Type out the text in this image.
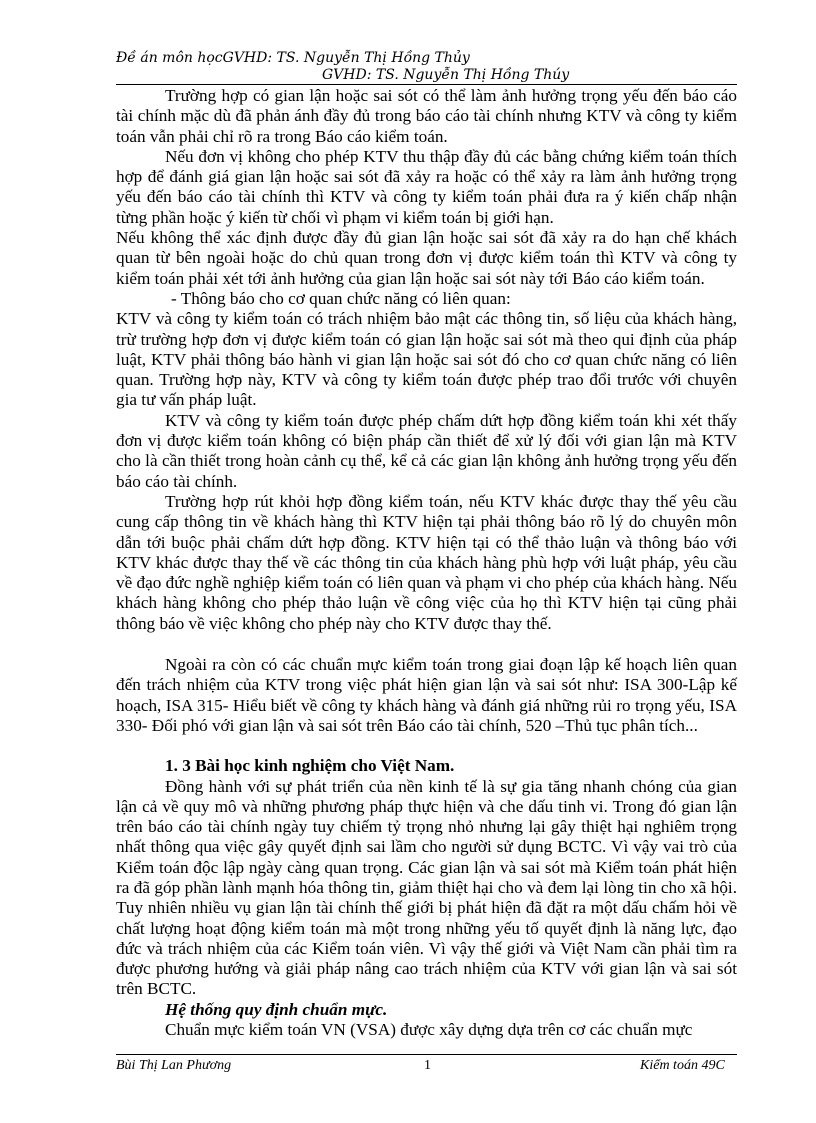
Đề án môn họcGVHD: TS. Nguyễn Thị Hồng Thủy
GVHD: TS. Nguyễn Thị Hồng Thúy

Trường hợp có gian lận hoặc sai sót có thể làm ảnh hưởng trọng yếu đến báo cáo tài chính mặc dù đã phản ánh đầy đủ trong báo cáo tài chính nhưng KTV và công ty kiểm toán vẫn phải chỉ rõ ra trong Báo cáo kiểm toán.

Nếu đơn vị không cho phép KTV thu thập đầy đủ các bằng chứng kiểm toán thích hợp để đánh giá gian lận hoặc sai sót đã xảy ra hoặc có thể xảy ra làm ảnh hưởng trọng yếu đến báo cáo tài chính thì KTV và công ty kiểm toán phải đưa ra ý kiến chấp nhận từng phần hoặc ý kiến từ chối vì phạm vi kiểm toán bị giới hạn.

Nếu không thể xác định được đầy đủ gian lận hoặc sai sót đã xảy ra do hạn chế khách quan từ bên ngoài hoặc do chủ quan trong đơn vị được kiểm toán thì KTV và công ty kiểm toán phải xét tới ảnh hưởng của gian lận hoặc sai sót này tới Báo cáo kiểm toán.

- Thông báo cho cơ quan chức năng có liên quan:

KTV và công ty kiểm toán có trách nhiệm bảo mật các thông tin, số liệu của khách hàng, trừ trường hợp đơn vị được kiểm toán có gian lận hoặc sai sót mà theo qui định của pháp luật, KTV phải thông báo hành vi gian lận hoặc sai sót đó cho cơ quan chức năng có liên quan. Trường hợp này, KTV và công ty kiểm toán được phép trao đổi trước với chuyên gia tư vấn pháp luật.

KTV và công ty kiểm toán được phép chấm dứt hợp đồng kiểm toán khi xét thấy đơn vị được kiểm toán không có biện pháp cần thiết để xử lý đối với gian lận mà KTV cho là cần thiết trong hoàn cảnh cụ thể, kể cả các gian lận không ảnh hưởng trọng yếu đến báo cáo tài chính.

Trường hợp rút khỏi hợp đồng kiểm toán, nếu KTV khác được thay thế yêu cầu cung cấp thông tin về khách hàng thì KTV hiện tại phải thông báo rõ lý do chuyên môn dẫn tới buộc phải chấm dứt hợp đồng. KTV hiện tại có thể thảo luận và thông báo với KTV khác được thay thế về các thông tin của khách hàng phù hợp với luật pháp, yêu cầu về đạo đức nghề nghiệp kiểm toán có liên quan và phạm vi cho phép của khách hàng. Nếu khách hàng không cho phép thảo luận về công việc của họ thì KTV hiện tại cũng phải thông báo về việc không cho phép này cho KTV được thay thế.

Ngoài ra còn có các chuẩn mực kiểm toán trong giai đoạn lập kế hoạch liên quan đến trách nhiệm của KTV trong việc phát hiện gian lận và sai sót như: ISA 300-Lập kế hoạch, ISA 315- Hiểu biết về công ty khách hàng và đánh giá những rủi ro trọng yếu, ISA 330- Đối phó với gian lận và sai sót trên Báo cáo tài chính, 520 –Thủ tục phân tích...

1. 3 Bài học kinh nghiệm cho Việt Nam.

Đồng hành với sự phát triển của nền kinh tế là sự gia tăng nhanh chóng của gian lận cả về quy mô và những phương pháp thực hiện và che dấu tinh vi. Trong đó gian lận trên báo cáo tài chính ngày tuy chiếm tỷ trọng nhỏ nhưng lại gây thiệt hại nghiêm trọng nhất thông qua việc gây quyết định sai lầm cho người sử dụng BCTC. Vì vậy vai trò của Kiểm toán độc lập ngày càng quan trọng. Các gian lận và sai sót mà Kiểm toán phát hiện ra đã góp phần lành mạnh hóa thông tin, giảm thiệt hại cho và đem lại lòng tin cho xã hội. Tuy nhiên nhiều vụ gian lận tài chính thế giới bị phát hiện đã đặt ra một dấu chấm hỏi về chất lượng hoạt động kiểm toán mà một trong những yếu tố quyết định là năng lực, đạo đức và trách nhiệm của các Kiểm toán viên. Vì vậy thế giới và Việt Nam cần phải tìm ra được phương hướng và giải pháp nâng cao trách nhiệm của KTV với gian lận và sai sót trên BCTC.

Hệ thống quy định chuẩn mực.

Chuẩn mực kiểm toán VN (VSA) được xây dựng dựa trên cơ các chuẩn mực

Bùi Thị Lan Phương	1	Kiểm toán 49C
